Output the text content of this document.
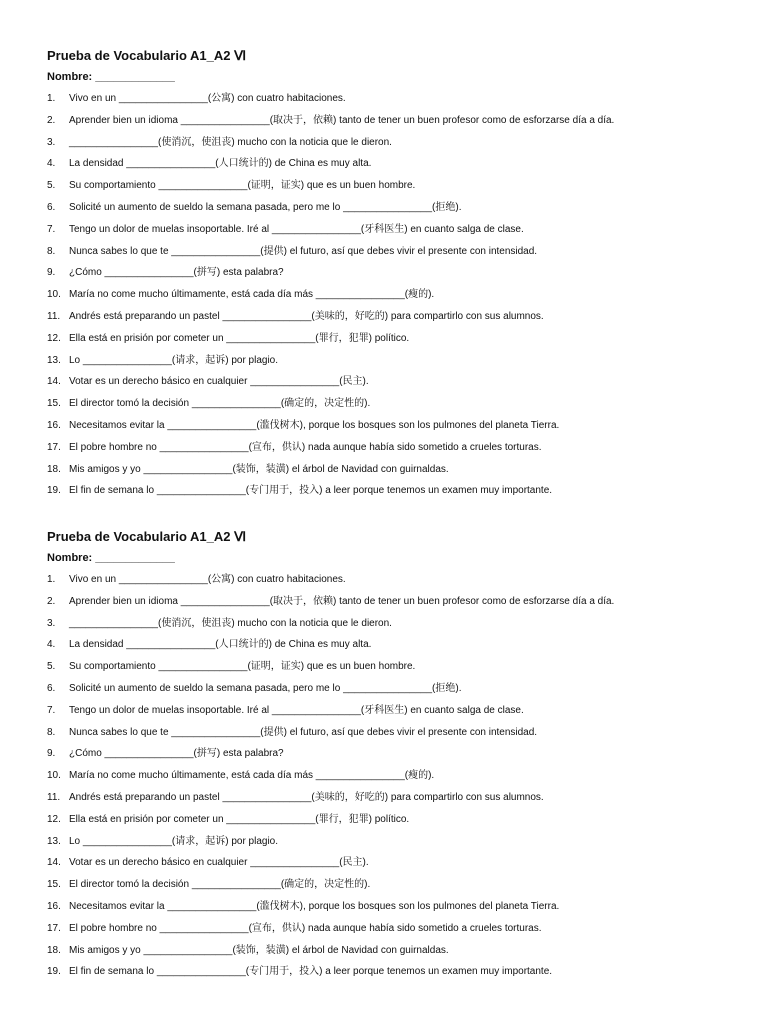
Prueba de Vocabulario A1_A2 Ⅵ
Nombre: _____________
1. Vivo en un ________________(公寓) con cuatro habitaciones.
2. Aprender bien un idioma ________________(取决于，依赖) tanto de tener un buen profesor como de esforzarse día a día.
3. ________________(使消沉，使沮丧) mucho con la noticia que le dieron.
4. La densidad ________________(人口统计的) de China es muy alta.
5. Su comportamiento ________________(证明，证实) que es un buen hombre.
6. Solicité un aumento de sueldo la semana pasada, pero me lo ________________(拒绝).
7. Tengo un dolor de muelas insoportable. Iré al ________________(牙科医生) en cuanto salga de clase.
8. Nunca sabes lo que te ________________(提供) el futuro, así que debes vivir el presente con intensidad.
9. ¿Cómo ________________(拼写) esta palabra?
10. María no come mucho últimamente, está cada día más ________________(瘦的).
11. Andrés está preparando un pastel ________________(美味的，好吃的) para compartirlo con sus alumnos.
12. Ella está en prisión por cometer un ________________(罪行，犯罪) político.
13. Lo ________________(请求，起诉) por plagio.
14. Votar es un derecho básico en cualquier ________________(民主).
15. El director tomó la decisión ________________(确定的，决定性的).
16. Necesitamos evitar la ________________(滥伐树木), porque los bosques son los pulmones del planeta Tierra.
17. El pobre hombre no ________________(宣布，供认) nada aunque había sido sometido a crueles torturas.
18. Mis amigos y yo ________________(装饰，装潢) el árbol de Navidad con guirnaldas.
19. El fin de semana lo ________________(专门用于，投入) a leer porque tenemos un examen muy importante.
Prueba de Vocabulario A1_A2 Ⅵ
Nombre: _____________
1. Vivo en un ________________(公寓) con cuatro habitaciones.
2. Aprender bien un idioma ________________(取决于，依赖) tanto de tener un buen profesor como de esforzarse día a día.
3. ________________(使消沉，使沮丧) mucho con la noticia que le dieron.
4. La densidad ________________(人口统计的) de China es muy alta.
5. Su comportamiento ________________(证明，证实) que es un buen hombre.
6. Solicité un aumento de sueldo la semana pasada, pero me lo ________________(拒绝).
7. Tengo un dolor de muelas insoportable. Iré al ________________(牙科医生) en cuanto salga de clase.
8. Nunca sabes lo que te ________________(提供) el futuro, así que debes vivir el presente con intensidad.
9. ¿Cómo ________________(拼写) esta palabra?
10. María no come mucho últimamente, está cada día más ________________(瘦的).
11. Andrés está preparando un pastel ________________(美味的，好吃的) para compartirlo con sus alumnos.
12. Ella está en prisión por cometer un ________________(罪行，犯罪) político.
13. Lo ________________(请求，起诉) por plagio.
14. Votar es un derecho básico en cualquier ________________(民主).
15. El director tomó la decisión ________________(确定的，决定性的).
16. Necesitamos evitar la ________________(滥伐树木), porque los bosques son los pulmones del planeta Tierra.
17. El pobre hombre no ________________(宣布，供认) nada aunque había sido sometido a crueles torturas.
18. Mis amigos y yo ________________(装饰，装潢) el árbol de Navidad con guirnaldas.
19. El fin de semana lo ________________(专门用于，投入) a leer porque tenemos un examen muy importante.
